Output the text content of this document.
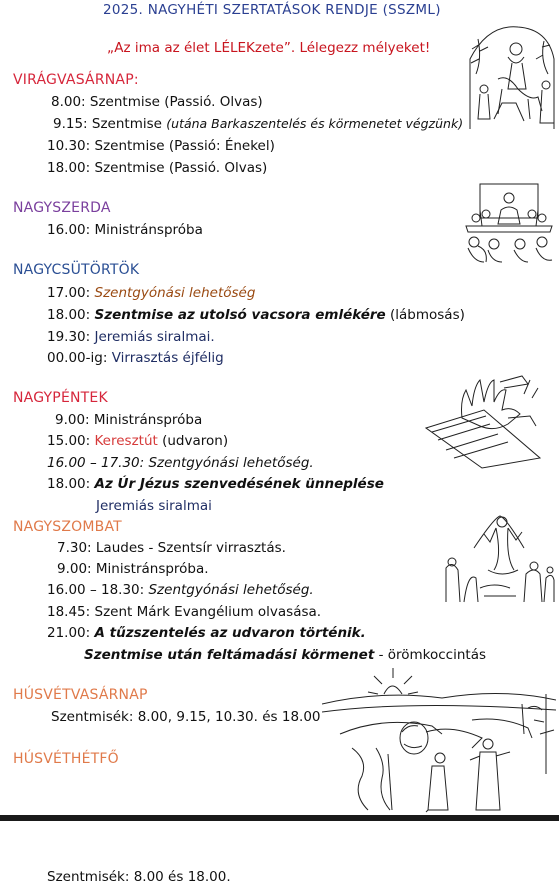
2025. NAGYHÉTI SZERTATÁSOK RENDJE (SSZML)
„Az ima az élet LÉLEKzete”. Lélegezz mélyeket!
VIRÁGVASÁRNAP:
8.00: Szentmise (Passió. Olvas)
9.15: Szentmise (utána Barkaszentelés és körmenetet végzünk)
10.30: Szentmise (Passió: Énekel)
18.00: Szentmise (Passió. Olvas)
NAGYSZERDA
16.00: Ministránspróba
NAGYCSÜTÖRTÖK
17.00: Szentgyónási lehetőség
18.00: Szentmise az utolsó vacsora emlékére (lábmosás)
19.30: Jeremiás siralmai.
00.00-ig: Virrasztás éjfélig
NAGYPÉNTEK
9.00: Ministránspróba
15.00: Keresztút (udvaron)
16.00 – 17.30: Szentgyónási lehetőség.
18.00: Az Úr Jézus szenvedésének ünneplése
Jeremiás siralmai
NAGYSZOMBAT
7.30: Laudes - Szentsír virrasztás.
9.00: Ministránspróba.
16.00 – 18.30: Szentgyónási lehetőség.
18.45: Szent Márk Evangélium olvasása.
21.00: A tűzszentelés az udvaron történik.
Szentmise után feltámadási körmenet - örömkoccintás
HÚSVÉTVASÁRNAP
Szentmisék: 8.00, 9.15, 10.30. és 18.00
HÚSVÉTHÉTFŐ
Szentmisék: 8.00 és 18.00.
